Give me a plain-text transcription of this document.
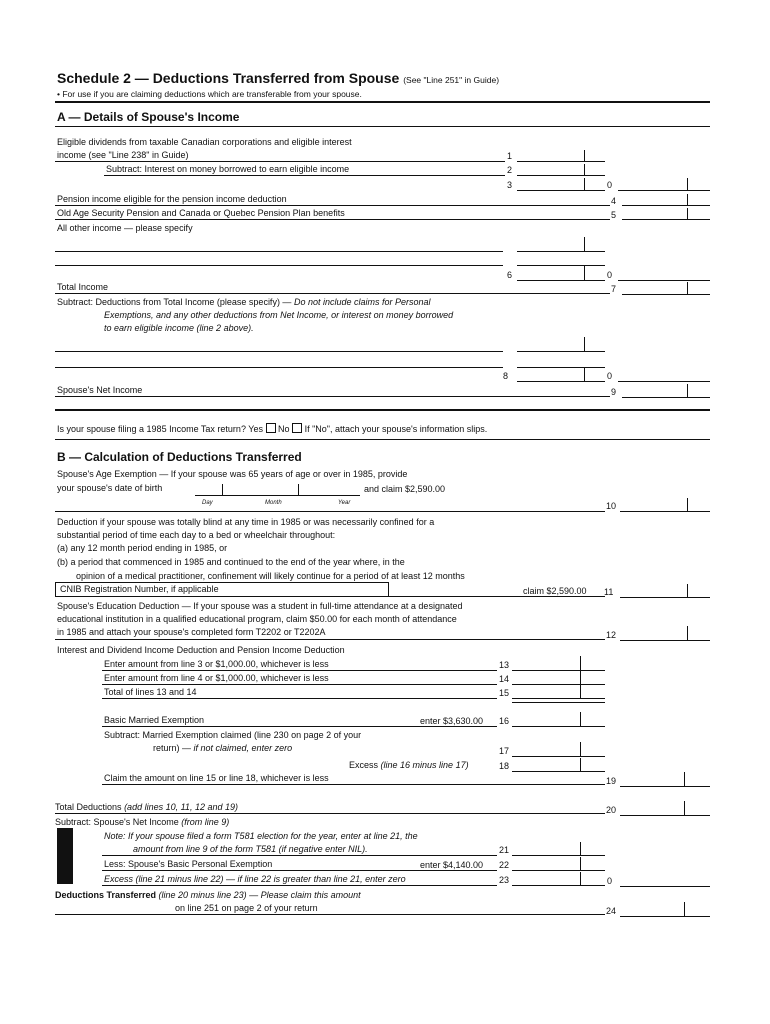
Schedule 2 — Deductions Transferred from Spouse (See "Line 251" in Guide)
• For use if you are claiming deductions which are transferable from your spouse.
A — Details of Spouse's Income
Eligible dividends from taxable Canadian corporations and eligible interest
income (see "Line 238" in Guide)	1
Subtract: Interest on money borrowed to earn eligible income	2
3	0
Pension income eligible for the pension income deduction	4
Old Age Security Pension and Canada or Quebec Pension Plan benefits	5
All other income — please specify
6	0
Total Income	7
Subtract: Deductions from Total Income (please specify) — Do not include claims for Personal
Exemptions, and any other deductions from Net Income, or interest on money borrowed
to earn eligible income (line 2 above).
8	0
Spouse's Net Income	9
Is your spouse filing a 1985 Income Tax return? Yes No If "No", attach your spouse's information slips.
B — Calculation of Deductions Transferred
Spouse's Age Exemption — If your spouse was 65 years of age or over in 1985, provide
your spouse's date of birth
Day	Month	Year
and claim $2,590.00
10
Deduction if your spouse was totally blind at any time in 1985 or was necessarily confined for a
substantial period of time each day to a bed or wheelchair throughout:
(a) any 12 month period ending in 1985, or
(b) a period that commenced in 1985 and continued to the end of the year where, in the
opinion of a medical practitioner, confinement will likely continue for a period of at least 12 months
CNIB Registration Number, if applicable	claim $2,590.00 11
Spouse's Education Deduction — If your spouse was a student in full-time attendance at a designated
educational institution in a qualified educational program, claim $50.00 for each month of attendance
in 1985 and attach your spouse's completed form T2202 or T2202A	12
Interest and Dividend Income Deduction and Pension Income Deduction
Enter amount from line 3 or $1,000.00, whichever is less	13
Enter amount from line 4 or $1,000.00, whichever is less	14
Total of lines 13 and 14	15
Basic Married Exemption	enter $3,630.00 16
Subtract: Married Exemption claimed (line 230 on page 2 of your
return) — if not claimed, enter zero	17
Excess (line 16 minus line 17)	18
Claim the amount on line 15 or line 18, whichever is less	19
Total Deductions (add lines 10, 11, 12 and 19)	20
Subtract: Spouse's Net Income (from line 9)
Note: If your spouse filed a form T581 election for the year, enter at line 21, the
amount from line 9 of the form T581 (if negative enter NIL).	21
Less: Spouse's Basic Personal Exemption	enter $4,140.00 22
Excess (line 21 minus line 22) — if line 22 is greater than line 21, enter zero	23	0
Deductions Transferred (line 20 minus line 23) — Please claim this amount
on line 251 on page 2 of your return	24
